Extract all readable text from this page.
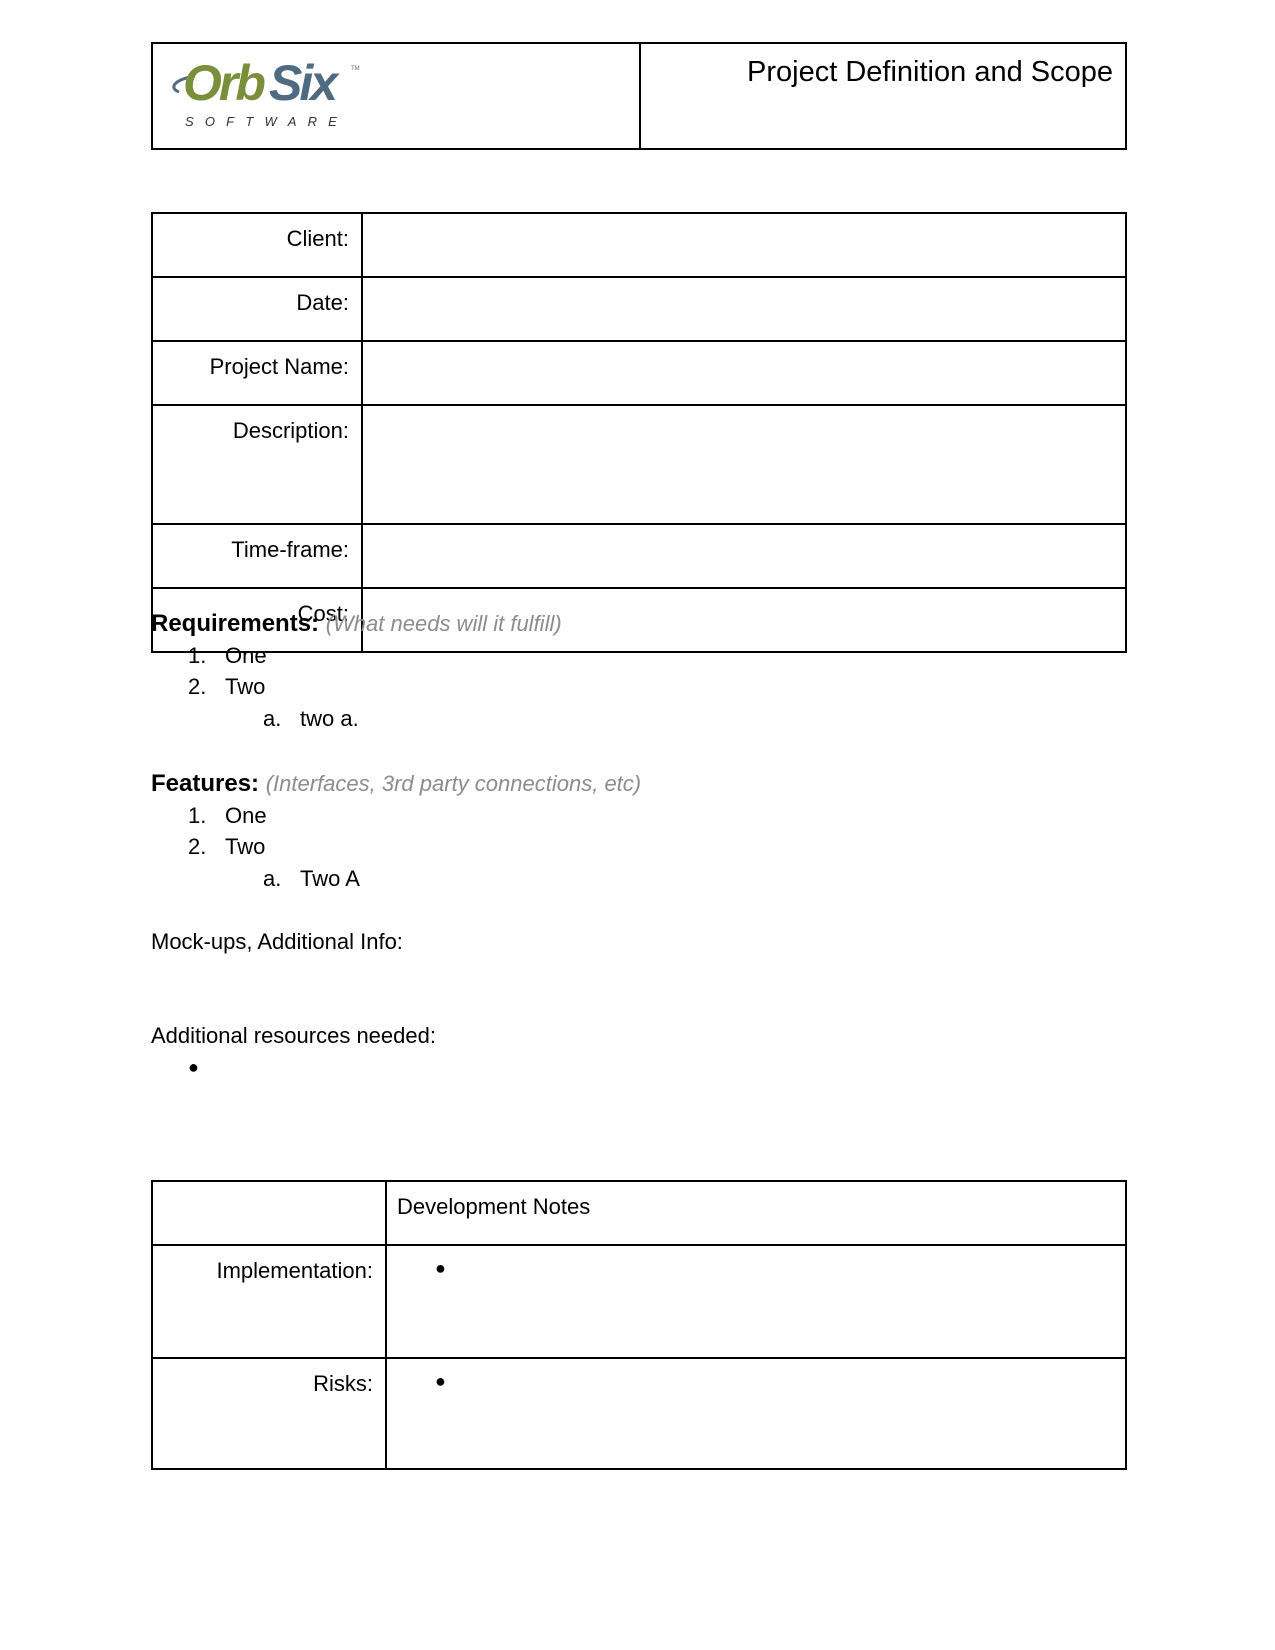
Orb Six	TM
SOFTWARE
	Project Definition and Scope
Client:	
Date:	
Project Name:	
Description:	
Time-frame:	
Cost:	
Requirements: (What needs will it fulfill)
1. One
2. Two
a. two a.
Features: (Interfaces, 3rd party connections, etc)
1. One
2. Two
a. Two A
Mock-ups, Additional Info:
Additional resources needed:
●
	Development Notes
Implementation:	●
Risks:	●
